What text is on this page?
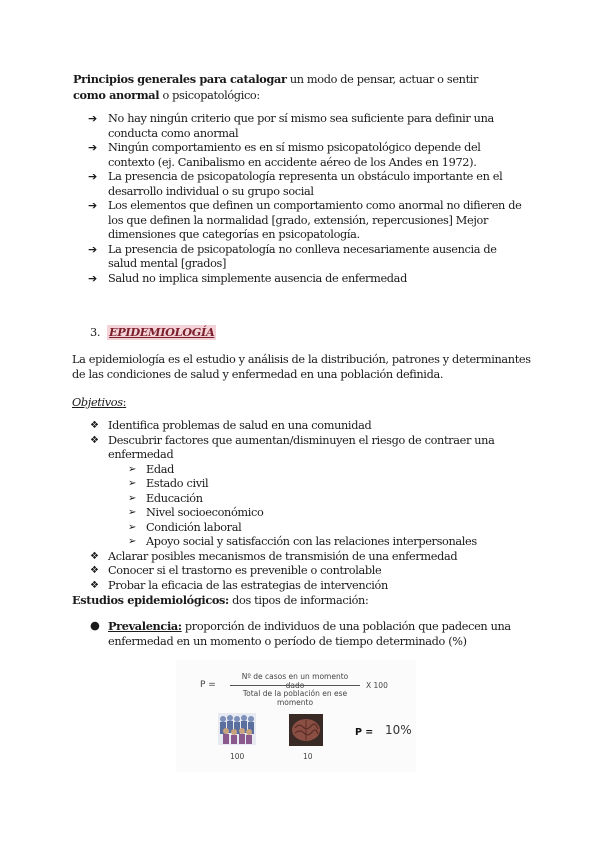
Principios generales para catalogar un modo de pensar, actuar o sentir como anormal o psicopatológico:
➔ No hay ningún criterio que por sí mismo sea suficiente para definir una conducta como anormal
➔ Ningún comportamiento es en sí mismo psicopatológico depende del contexto (ej. Canibalismo en accidente aéreo de los Andes en 1972).
➔ La presencia de psicopatología representa un obstáculo importante en el desarrollo individual o su grupo social
➔ Los elementos que definen un comportamiento como anormal no difieren de los que definen la normalidad [grado, extensión, repercusiones] Mejor dimensiones que categorías en psicopatología.
➔ La presencia de psicopatología no conlleva necesariamente ausencia de salud mental [grados]
➔ Salud no implica simplemente ausencia de enfermedad
3. EPIDEMIOLOGÍA
La epidemiología es el estudio y análisis de la distribución, patrones y determinantes de las condiciones de salud y enfermedad en una población definida.
Objetivos:
❖ Identifica problemas de salud en una comunidad
❖ Descubrir factores que aumentan/disminuyen el riesgo de contraer una enfermedad
➢ Edad
➢ Estado civil
➢ Educación
➢ Nivel socioeconómico
➢ Condición laboral
➢ Apoyo social y satisfacción con las relaciones interpersonales
❖ Aclarar posibles mecanismos de transmisión de una enfermedad
❖ Conocer si el trastorno es prevenible o controlable
❖ Probar la eficacia de las estrategias de intervención
Estudios epidemiológicos: dos tipos de información:
● Prevalencia: proporción de individuos de una población que padecen una enfermedad en un momento o período de tiempo determinado (%)
P =
Nº de casos en un momento
Total de la población en ese momento
X 100
100	10
P = 10%
